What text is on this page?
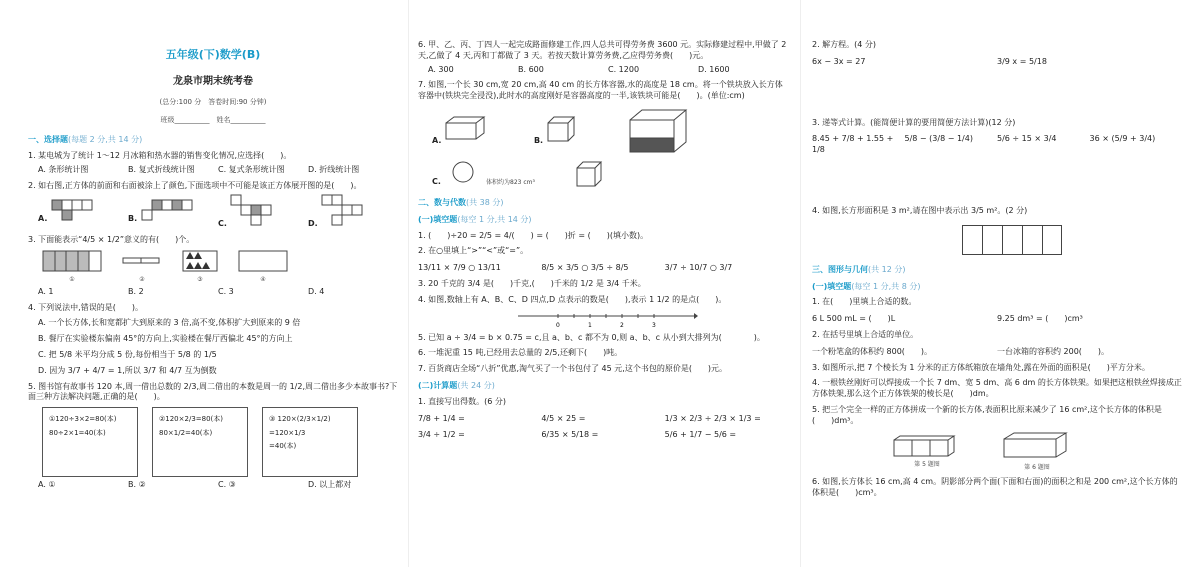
五年级(下)数学(B)
龙泉市期末统考卷
(总分:100 分　答卷时间:90 分钟)
班级__________　姓名__________
一、选择题(每题 2 分,共 14 分)
1. 某电城为了统计 1～12 月冰箱和热水器的销售变化情况,应选择(　　)。
A. 条形统计图	B. 复式折线统计图	C. 复式条形统计图	D. 折线统计图
2. 如右图,正方体的前面和右面被涂上了颜色,下面选项中不可能是该正方体展开图的是(　　)。
A.	B.
C.	D.
3. 下面能表示“4/5 × 1/2”意义的有(　　)个。
①	②	③	④
A. 1	B. 2	C. 3	D. 4
4. 下列说法中,错误的是(　　)。
A. 一个长方体,长和宽都扩大到原来的 3 倍,高不变,体积扩大到原来的 9 倍
B. 餐厅在实验楼东偏南 45°的方向上,实验楼在餐厅西偏北 45°的方向上
C. 把 5/8 米平均分成 5 份,每份相当于 5/8 的 1/5
D. 因为 3/7 + 4/7 = 1,所以 3/7 和 4/7 互为倒数
5. 图书馆有故事书 120 本,周一借出总数的 2/3,周二借出的本数是周一的 1/2,周二借出多少本故事书?下面三种方法解决问题,正确的是(　　)。
①120÷3×2=80(本)
80÷2×1=40(本)
②120×2/3=80(本)
80×1/2=40(本)
③ 120×(2/3×1/2)
=120×1/3
=40(本)
A. ①	B. ②	C. ③	D. 以上都对
6. 甲、乙、丙、丁四人一起完成路面修建工作,四人总共可得劳务费 3600 元。实际修建过程中,甲做了 2 天,乙做了 4 天,丙和丁都做了 3 天。若按天数计算劳务费,乙应得劳务费(　　)元。
A. 300	B. 600	C. 1200	D. 1600
7. 如图,一个长 30 cm,宽 20 cm,高 40 cm 的长方体容器,水的高度是 18 cm。将一个铁块放入长方体容器中(铁块完全浸没),此时水的高度刚好是容器高度的一半,该铁块可能是(　　)。(单位:cm)
A.	B.
C.	体积约为823 cm³
二、数与代数(共 38 分)
(一)填空题(每空 1 分,共 14 分)
1. (　　)÷20 = 2/5 = 4/(　　) = (　　)折 = (　　)(填小数)。
2. 在○里填上“>”“<”或“=”。
13/11 × 7/9 ○ 13/11	8/5 × 3/5 ○ 3/5 ÷ 8/5	3/7 ÷ 10/7 ○ 3/7
3. 20 千克的 3/4 是(　　)千克,(　　)千米的 1/2 是 3/4 千米。
4. 如图,数轴上有 A、B、C、D 四点,D 点表示的数是(　　),表示 1 1/2 的是点(　　)。
0	1	2	3
5. 已知 a ÷ 3/4 = b × 0.75 = c,且 a、b、c 都不为 0,则 a、b、c 从小到大排列为(　　　　)。
6. 一堆泥重 15 吨,已经用去总量的 2/5,还剩下(　　)吨。
7. 百货商店全场“八折”优惠,淘气买了一个书包付了 45 元,这个书包的原价是(　　)元。
(二)计算题(共 24 分)
1. 直接写出得数。(6 分)
7/8 + 1/4 =	4/5 × 25 =	1/3 × 2/3 ÷ 2/3 × 1/3 =
3/4 ÷ 1/2 =	6/35 × 5/18 =	5/6 + 1/7 − 5/6 =
2. 解方程。(4 分)
6x − 3x = 27	3/9 x = 5/18
3. 递等式计算。(能简便计算的要用简便方法计算)(12 分)
8.45 + 7/8 + 1.55 + 1/8
5/8 − (3/8 − 1/4)	5/6 ÷ 15 × 3/4	36 × (5/9 + 3/4)
4. 如图,长方形面积是 3 m²,请在图中表示出 3/5 m²。(2 分)
三、图形与几何(共 12 分)
(一)填空题(每空 1 分,共 8 分)
1. 在(　　)里填上合适的数。
6 L 500 mL = (　　)L	9.25 dm³ = (　　)cm³
2. 在括号里填上合适的单位。
一个粉笔盒的体积约 800(　　)。	一台冰箱的容积约 200(　　)。
3. 如图所示,把 7 个棱长为 1 分米的正方体纸箱放在墙角处,露在外面的面积是(　　)平方分米。
4. 一根铁丝刚好可以焊接成一个长 7 dm、宽 5 dm、高 6 dm 的长方体铁架。如果把这根铁丝焊接成正方体铁架,那么这个正方体铁架的棱长是(　　)dm。
5. 把三个完全一样的正方体拼成一个新的长方体,表面积比原来减少了 16 cm²,这个长方体的体积是(　　)dm³。
第 5 题图	第 6 题图
6. 如图,长方体长 16 cm,高 4 cm。阴影部分两个面(下面和右面)的面积之和是 200 cm²,这个长方体的体积是(　　)cm³。
